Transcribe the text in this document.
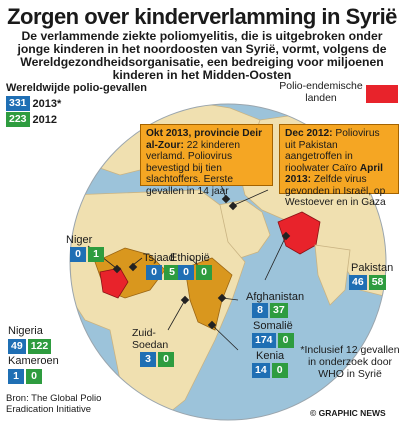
Zorgen over kinderverlamming in Syrië
De verlammende ziekte poliomyelitis, die is uitgebroken onder jonge kinderen in het noordoosten van Syrië, vormt, volgens de Wereldgezondheidsorganisatie, een bedreiging voor miljoenen kinderen in het Midden-Oosten
Wereldwijde polio-gevallen
331 2013*
223 2012
Polio-endemische landen
Okt 2013, provincie Deir al-Zour: 22 kinderen verlamd. Poliovirus bevestigd bij tien slachtoffers. Eerste gevallen in 14 jaar
Dec 2012: Poliovirus uit Pakistan aangetroffen in rioolwater Caïro April 2013: Zelfde virus gevonden in Israël, op Westoever en in Gaza
Niger
0	1	Tsjaad
0	5
Ethiopië
0	0
Nigeria
49 122
Kameroen
1	0
Zuid-Soedan
3	0
Afghanistan
8 37
Somalië
174 0
Kenia
14 0
Pakistan
46 58
*Inclusief 12 gevallen in onderzoek door WHO in Syrië
Bron: The Global Polio Eradication Initiative	© GRAPHIC NEWS
